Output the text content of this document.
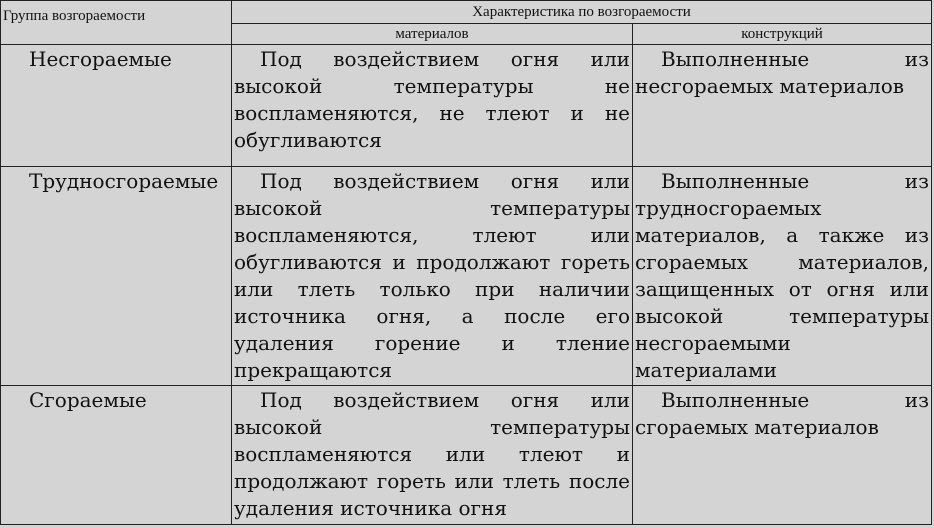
Группа возгораемости	Характеристика по возгораемости	
	материалов	конструкций
Несгораемые	Под воздействием огня или высокой температуры не воспламеняются, не тлеют и не обугливаются	Выполненные из несгораемых материалов
Трудносгораемые	Под воздействием огня или высокой температуры воспламеняются, тлеют или обугливаются и продолжают гореть или тлеть только при наличии источника огня, а после его удаления горение и тление прекращаются	Выполненные из трудносгораемых материалов, а также из сгораемых материалов, защищенных от огня или высокой температуры несгораемыми материалами
Сгораемые	Под воздействием огня или высокой температуры воспламеняются или тлеют и продолжают гореть или тлеть после удаления источника огня	Выполненные из сгораемых материалов
